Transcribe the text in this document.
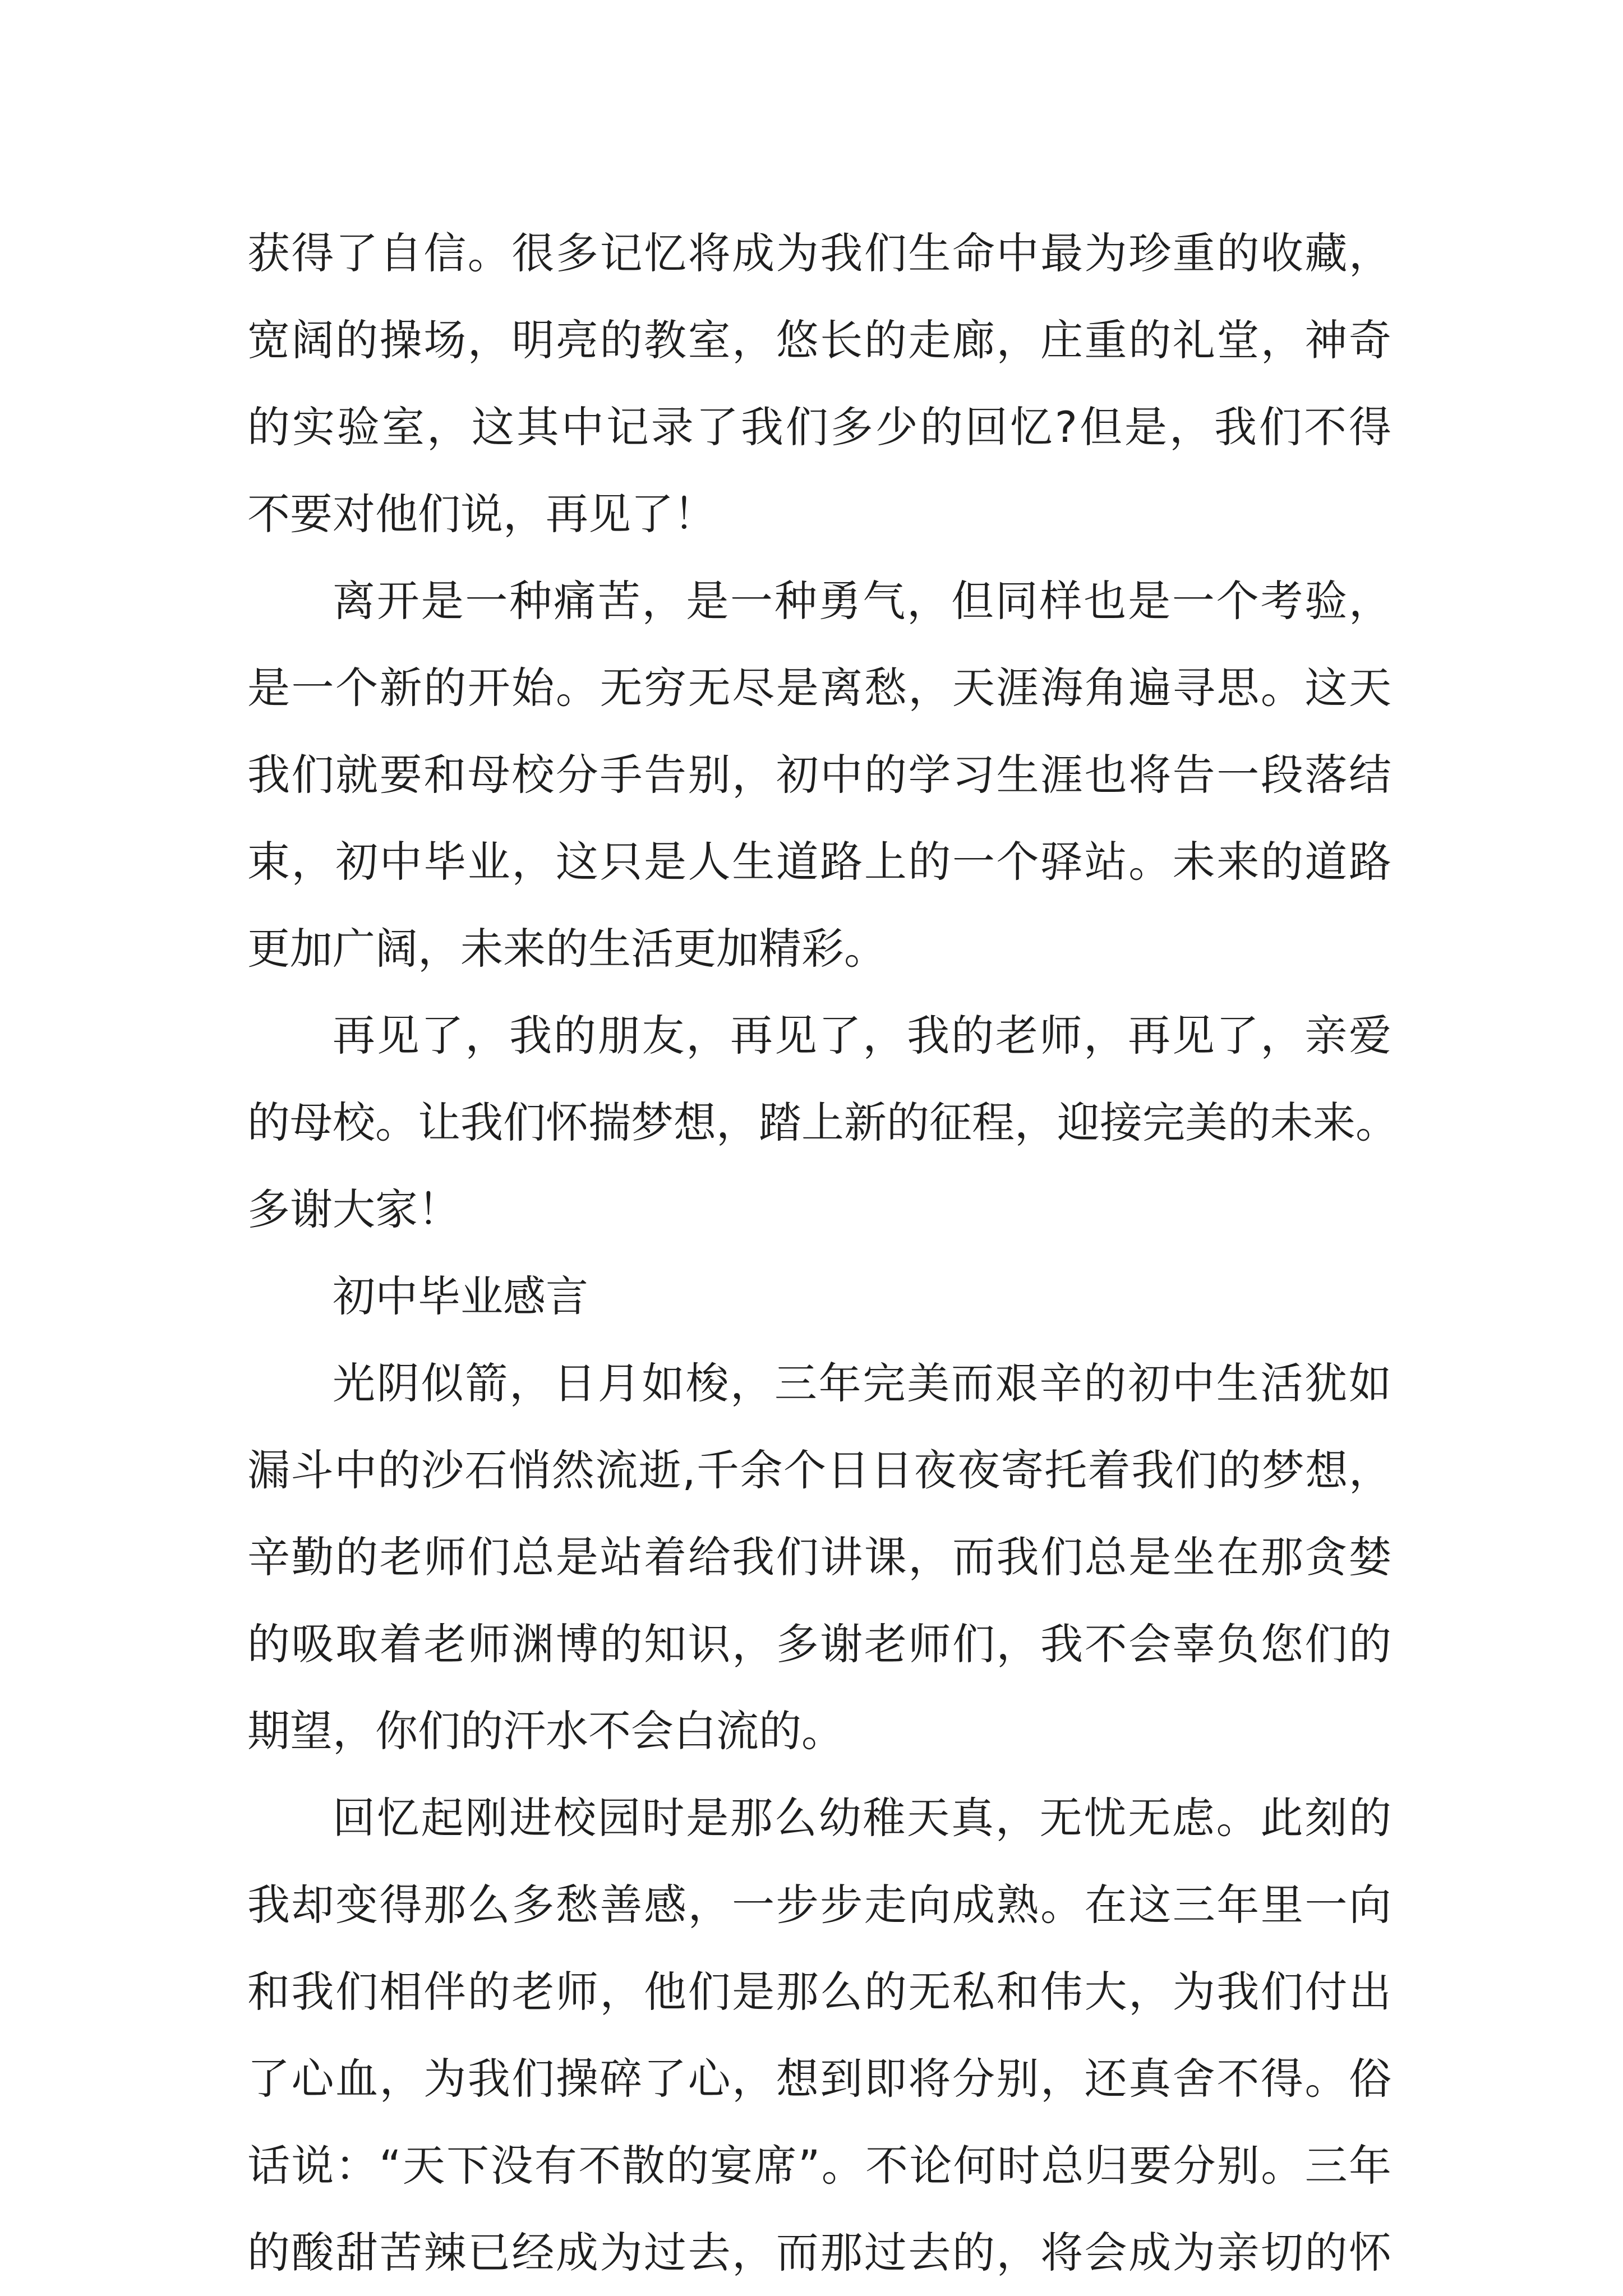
获得了自信。很多记忆将成为我们生命中最为珍重的收藏，
宽阔的操场，明亮的教室，悠长的走廊，庄重的礼堂，神奇
的实验室，这其中记录了我们多少的回忆?但是，我们不得
不要对他们说，再见了！
离开是一种痛苦，是一种勇气，但同样也是一个考验，
是一个新的开始。无穷无尽是离愁，天涯海角遍寻思。这天
我们就要和母校分手告别，初中的学习生涯也将告一段落结
束，初中毕业，这只是人生道路上的一个驿站。未来的道路
更加广阔，未来的生活更加精彩。
再见了，我的朋友，再见了，我的老师，再见了，亲爱
的母校。让我们怀揣梦想，踏上新的征程，迎接完美的未来。
多谢大家！
初中毕业感言
光阴似箭，日月如梭，三年完美而艰辛的初中生活犹如
漏斗中的沙石悄然流逝,千余个日日夜夜寄托着我们的梦想，
辛勤的老师们总是站着给我们讲课，而我们总是坐在那贪婪
的吸取着老师渊博的知识，多谢老师们，我不会辜负您们的
期望，你们的汗水不会白流的。
回忆起刚进校园时是那么幼稚天真，无忧无虑。此刻的
我却变得那么多愁善感，一步步走向成熟。在这三年里一向
和我们相伴的老师，他们是那么的无私和伟大，为我们付出
了心血，为我们操碎了心，想到即将分别，还真舍不得。俗
话说：“天下没有不散的宴席”。不论何时总归要分别。三年
的酸甜苦辣已经成为过去，而那过去的，将会成为亲切的怀
